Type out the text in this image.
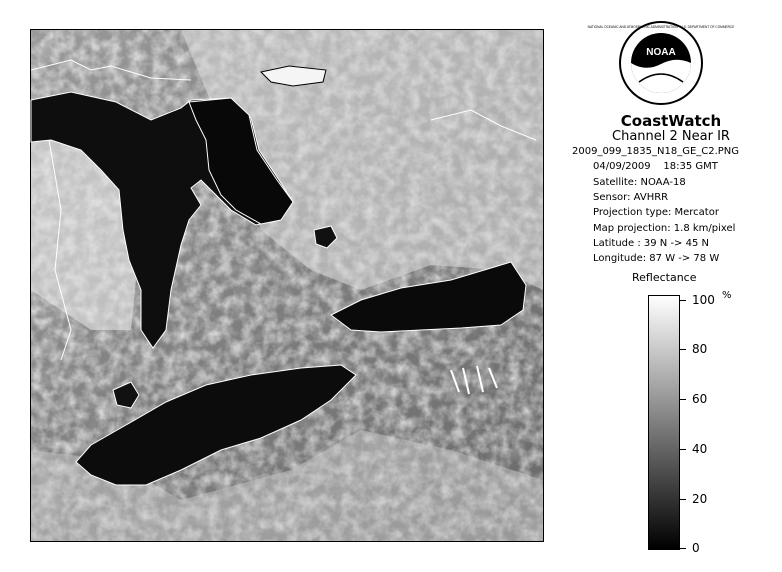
NOAA
NATIONAL OCEANIC AND ATMOSPHERIC ADMINISTRATION · U.S. DEPARTMENT OF COMMERCE
CoastWatch
Channel 2 Near IR
2009_099_1835_N18_GE_C2.PNG
04/09/2009 18:35 GMT
Satellite: NOAA-18
Sensor: AVHRR
Projection type: Mercator
Map projection: 1.8 km/pixel
Latitude : 39 N -> 45 N
Longitude: 87 W -> 78 W
Reflectance
%
100
80
60
40
20
0
